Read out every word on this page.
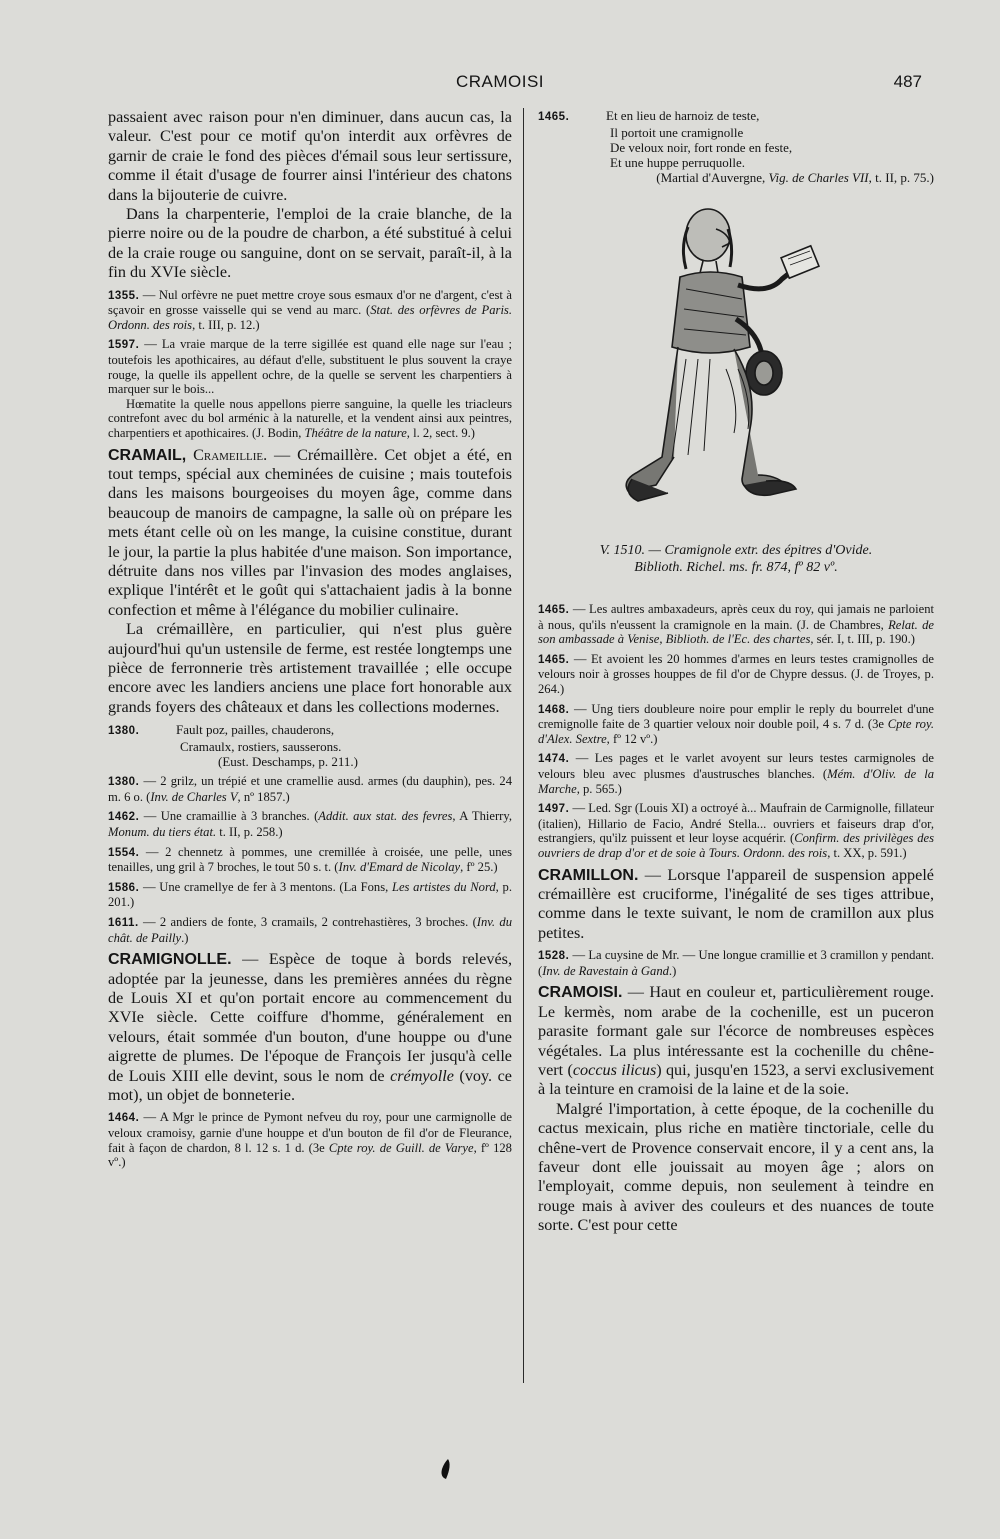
CRAMOISI	487

passaient avec raison pour n'en diminuer, dans aucun cas, la valeur. C'est pour ce motif qu'on interdit aux orfèvres de garnir de craie le fond des pièces d'émail sous leur sertissure, comme il était d'usage de fourrer ainsi l'intérieur des chatons dans la bijouterie de cuivre.

Dans la charpenterie, l'emploi de la craie blanche, de la pierre noire ou de la poudre de charbon, a été substitué à celui de la craie rouge ou sanguine, dont on se servait, paraît-il, à la fin du XVIe siècle.

1355. — Nul orfèvre ne puet mettre croye sous esmaux d'or ne d'argent, c'est à sçavoir en grosse vaisselle qui se vend au marc. (Stat. des orfèvres de Paris. Ordonn. des rois, t. III, p. 12.)

1597. — La vraie marque de la terre sigillée est quand elle nage sur l'eau ; toutefois les apothicaires, au défaut d'elle, substituent le plus souvent la craye rouge, la quelle ils appellent ochre, de la quelle se servent les charpentiers à marquer sur le bois...

Hœmatite la quelle nous appellons pierre sanguine, la quelle les triacleurs contrefont avec du bol arménic à la naturelle, et la vendent ainsi aux peintres, charpentiers et apothicaires. (J. Bodin, Théâtre de la nature, l. 2, sect. 9.)

CRAMAIL, Crameillie. — Crémaillère. Cet objet a été, en tout temps, spécial aux cheminées de cuisine ; mais toutefois dans les maisons bourgeoises du moyen âge, comme dans beaucoup de manoirs de campagne, la salle où on prépare les mets étant celle où on les mange, la cuisine constitue, durant le jour, la partie la plus habitée d'une maison. Son importance, détruite dans nos villes par l'invasion des modes anglaises, explique l'intérêt et le goût qui s'attachaient jadis à la bonne confection et même à l'élégance du mobilier culinaire.

La crémaillère, en particulier, qui n'est plus guère aujourd'hui qu'un ustensile de ferme, est restée longtemps une pièce de ferronnerie très artistement travaillée ; elle occupe encore avec les landiers anciens une place fort honorable aux grands foyers des châteaux et dans les collections modernes.

1380.	Fault poz, pailles, chauderons,
Cramaulx, rostiers, sausserons.
(Eust. Deschamps, p. 211.)

1380. — 2 grilz, un trépié et une cramellie ausd. armes (du dauphin), pes. 24 m. 6 o. (Inv. de Charles V, nº 1857.)

1462. — Une cramaillie à 3 branches. (Addit. aux stat. des fevres, A Thierry, Monum. du tiers état. t. II, p. 258.)

1554. — 2 chennetz à pommes, une cremillée à croisée, une pelle, unes tenailles, ung gril à 7 broches, le tout 50 s. t. (Inv. d'Emard de Nicolay, fº 25.)

1586. — Une cramellye de fer à 3 mentons. (La Fons, Les artistes du Nord, p. 201.)

1611. — 2 andiers de fonte, 3 cramails, 2 contrehastières, 3 broches. (Inv. du chât. de Pailly.)

CRAMIGNOLLE. — Espèce de toque à bords relevés, adoptée par la jeunesse, dans les premières années du règne de Louis XI et qu'on portait encore au commencement du XVIe siècle. Cette coiffure d'homme, généralement en velours, était sommée d'un bouton, d'une houppe ou d'une aigrette de plumes. De l'époque de François Ier jusqu'à celle de Louis XIII elle devint, sous le nom de crémyolle (voy. ce mot), un objet de bonneterie.

1464. — A Mgr le prince de Pymont nefveu du roy, pour une carmignolle de veloux cramoisy, garnie d'une houppe et d'un bouton de fil d'or de Fleurance, fait à façon de chardon, 8 l. 12 s. 1 d. (3e Cpte roy. de Guill. de Varye, fº 128 vº.)

1465.	Et en lieu de harnoiz de teste,
Il portoit une cramignolle
De veloux noir, fort ronde en feste,
Et une huppe perruquolle.
(Martial d'Auvergne, Vig. de Charles VII, t. II, p. 75.)
V. 1510. — Cramignole extr. des épitres d'Ovide.
Biblioth. Richel. ms. fr. 874, fº 82 vº.

1465. — Les aultres ambaxadeurs, après ceux du roy, qui jamais ne parloient à nous, qu'ils n'eussent la cramignole en la main. (J. de Chambres, Relat. de son ambassade à Venise, Biblioth. de l'Ec. des chartes, sér. I, t. III, p. 190.)

1465. — Et avoient les 20 hommes d'armes en leurs testes cramignolles de velours noir à grosses houppes de fil d'or de Chypre dessus. (J. de Troyes, p. 264.)

1468. — Ung tiers doubleure noire pour emplir le reply du bourrelet d'une cremignolle faite de 3 quartier veloux noir double poil, 4 s. 7 d. (3e Cpte roy. d'Alex. Sextre, fº 12 vº.)

1474. — Les pages et le varlet avoyent sur leurs testes carmignoles de velours bleu avec plusmes d'austrusches blanches. (Mém. d'Oliv. de la Marche, p. 565.)

1497. — Led. Sgr (Louis XI) a octroyé à... Maufrain de Carmignolle, fillateur (italien), Hillario de Facio, André Stella... ouvriers et faiseurs drap d'or, estrangiers, qu'ilz puissent et leur loyse acquérir. (Confirm. des privilèges des ouvriers de drap d'or et de soie à Tours. Ordonn. des rois, t. XX, p. 591.)

CRAMILLON. — Lorsque l'appareil de suspension appelé crémaillère est cruciforme, l'inégalité de ses tiges attribue, comme dans le texte suivant, le nom de cramillon aux plus petites.

1528. — La cuysine de Mr. — Une longue cramillie et 3 cramillon y pendant. (Inv. de Ravestain à Gand.)

CRAMOISI. — Haut en couleur et, particulièrement rouge. Le kermès, nom arabe de la cochenille, est un puceron parasite formant gale sur l'écorce de nombreuses espèces végétales. La plus intéressante est la cochenille du chêne-vert (coccus ilicus) qui, jusqu'en 1523, a servi exclusivement à la teinture en cramoisi de la laine et de la soie.

Malgré l'importation, à cette époque, de la cochenille du cactus mexicain, plus riche en matière tinctoriale, celle du chêne-vert de Provence conservait encore, il y a cent ans, la faveur dont elle jouissait au moyen âge ; alors on l'employait, comme depuis, non seulement à teindre en rouge mais à aviver des couleurs et des nuances de toute sorte. C'est pour cette
